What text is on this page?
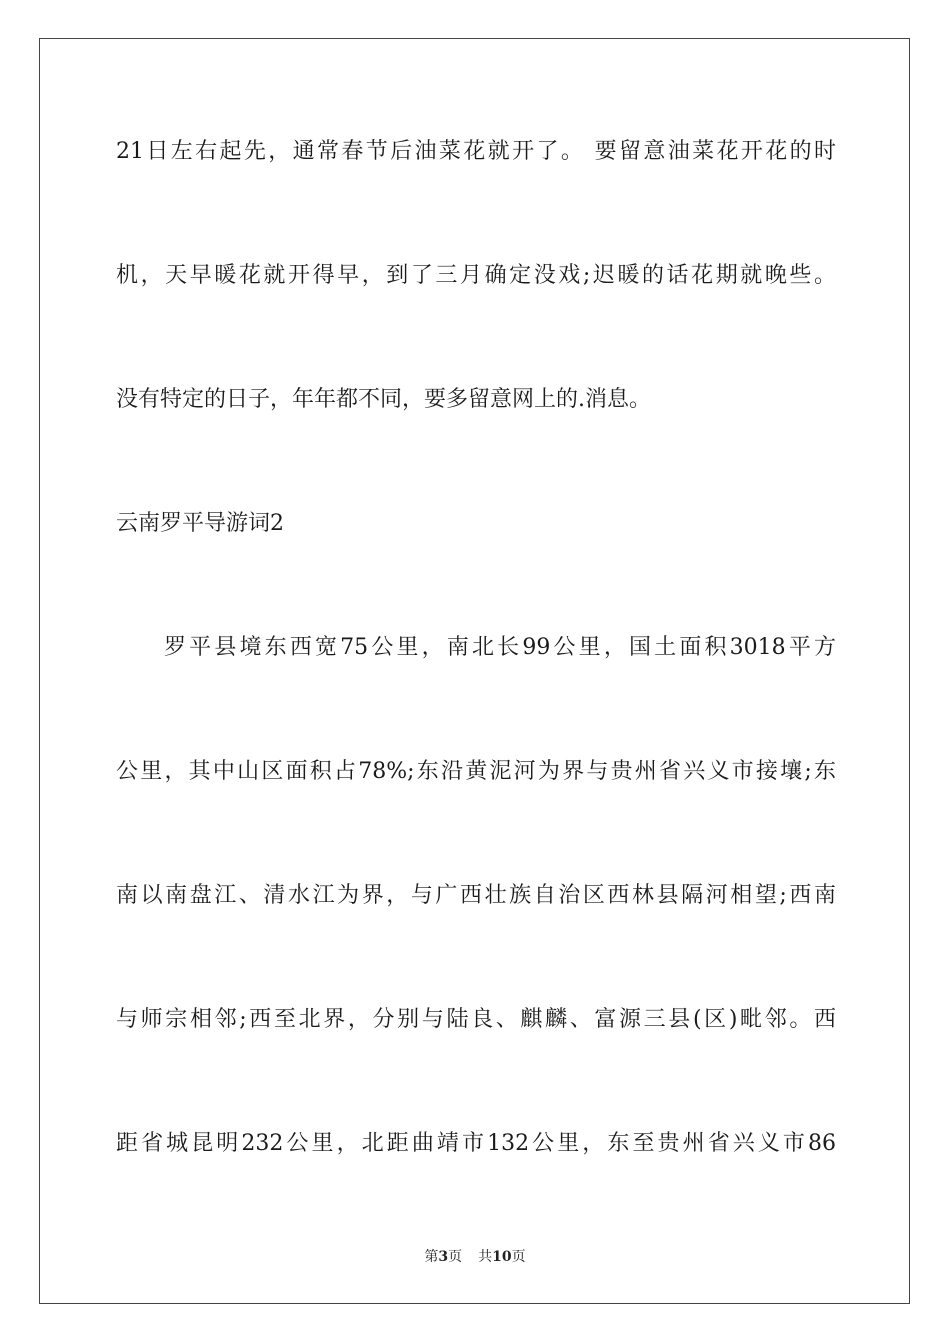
21日左右起先，通常春节后油菜花就开了。 要留意油菜花开花的时
机，天早暖花就开得早，到了三月确定没戏;迟暖的话花期就晚些。
没有特定的日子，年年都不同，要多留意网上的.消息。
云南罗平导游词2
罗平县境东西宽75公里，南北长99公里，国土面积3018平方
公里，其中山区面积占78%;东沿黄泥河为界与贵州省兴义市接壤;东
南以南盘江、清水江为界，与广西壮族自治区西林县隔河相望;西南
与师宗相邻;西至北界，分别与陆良、麒麟、富源三县(区)毗邻。西
距省城昆明232公里，北距曲靖市132公里，东至贵州省兴义市86
第3页 共10页
